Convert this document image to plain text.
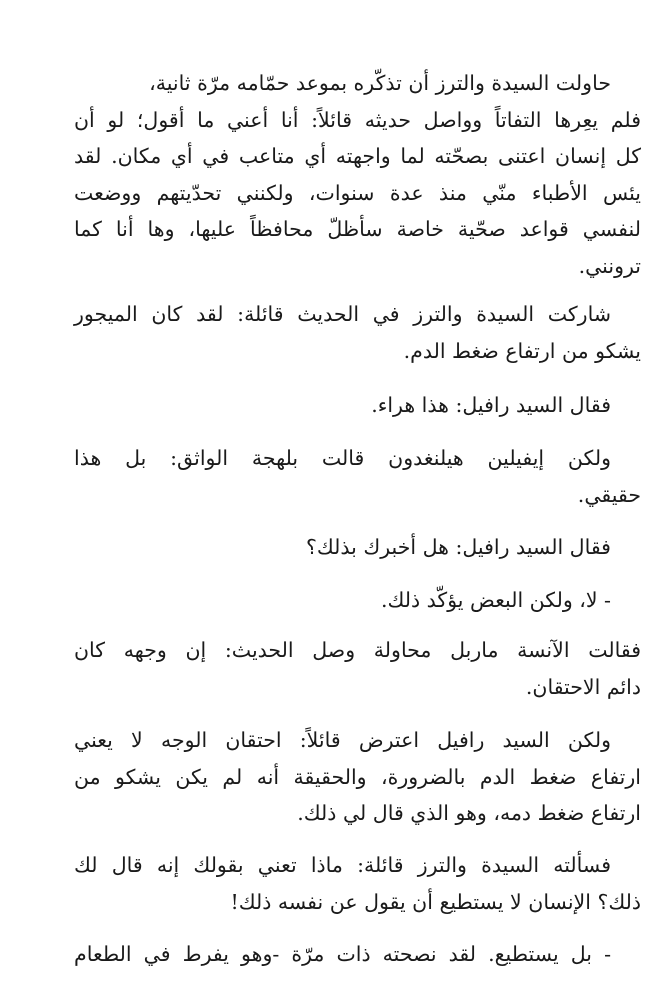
حاولت السيدة والترز أن تذكّره بموعد حمّامه مرّة ثانية،
فلم يعِرها التفاتاً وواصل حديثه قائلاً: أنا أعني ما أقول؛ لو أن
كل إنسان اعتنى بصحّته لما واجهته أي متاعب في أي مكان. لقد
يئس الأطباء منّي منذ عدة سنوات، ولكنني تحدّيتهم ووضعت
لنفسي قواعد صحّية خاصة سأظلّ محافظاً عليها، وها أنا كما
ترونني.

شاركت السيدة والترز في الحديث قائلة: لقد كان الميجور
يشكو من ارتفاع ضغط الدم.

فقال السيد رافيل: هذا هراء.

ولكن إيفيلين هيلنغدون قالت بلهجة الواثق: بل هذا
حقيقي.

فقال السيد رافيل: هل أخبرك بذلك؟

- لا، ولكن البعض يؤكّد ذلك.

فقالت الآنسة ماربل محاولة وصل الحديث: إن وجهه كان
دائم الاحتقان.

ولكن السيد رافيل اعترض قائلاً: احتقان الوجه لا يعني
ارتفاع ضغط الدم بالضرورة، والحقيقة أنه لم يكن يشكو من
ارتفاع ضغط دمه، وهو الذي قال لي ذلك.

فسألته السيدة والترز قائلة: ماذا تعني بقولك إنه قال لك
ذلك؟ الإنسان لا يستطيع أن يقول عن نفسه ذلك!

- بل يستطيع. لقد نصحته ذات مرّة -وهو يفرط في الطعام
